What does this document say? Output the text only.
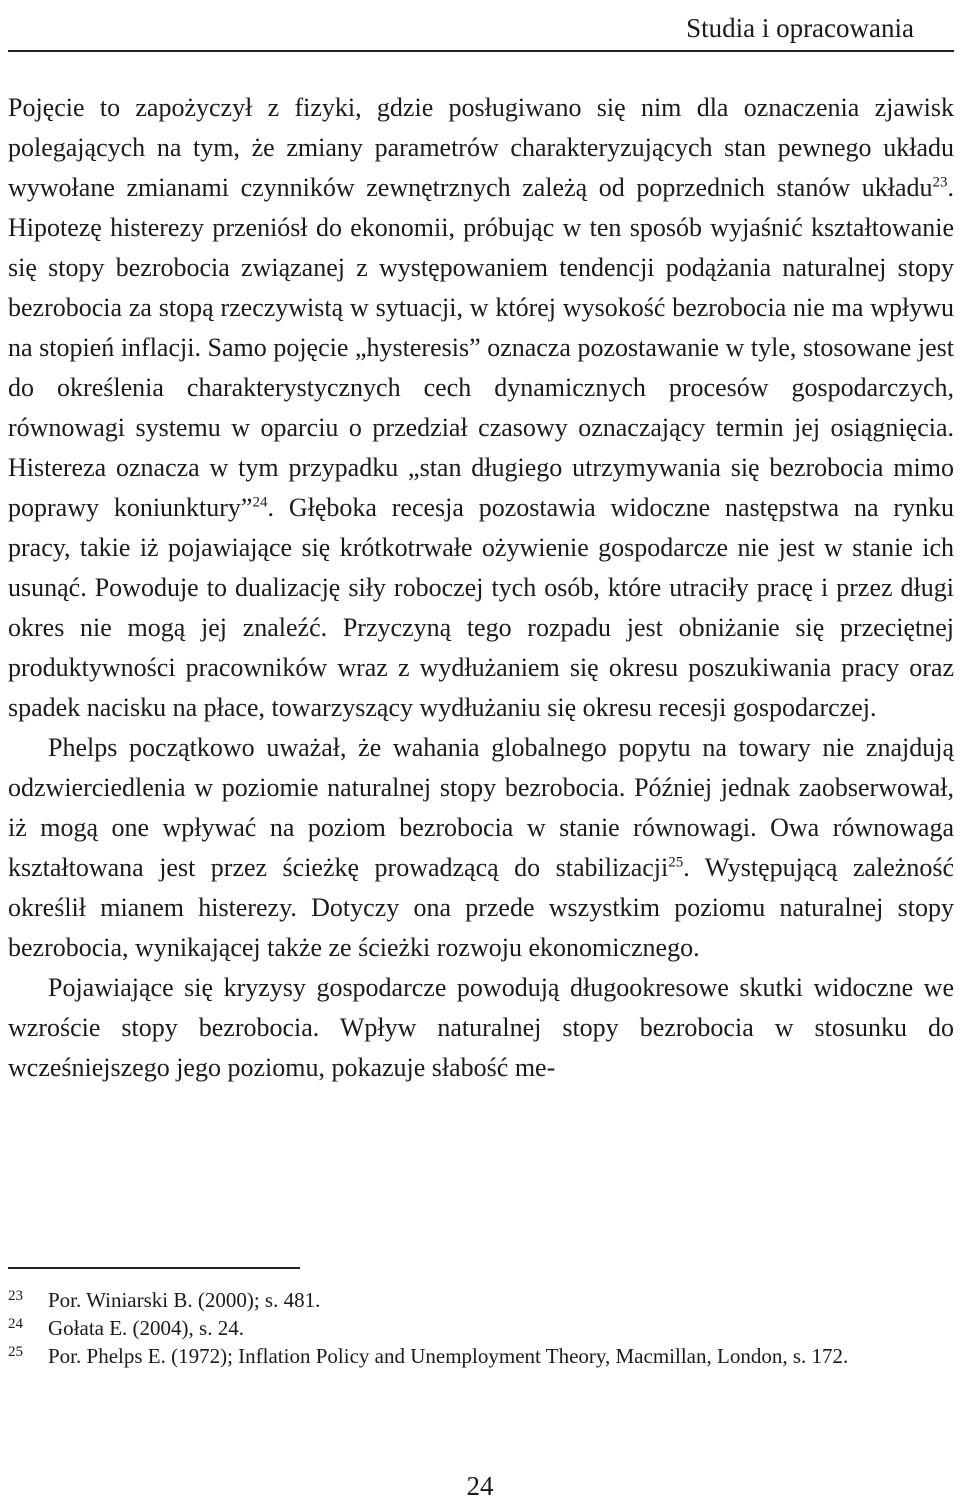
Studia i opracowania

Pojęcie to zapożyczył z fizyki, gdzie posługiwano się nim dla oznaczenia zjawisk polegających na tym, że zmiany parametrów charakteryzujących stan pewnego układu wywołane zmianami czynników zewnętrznych zależą od poprzednich stanów układu$^{23}$. Hipotezę histerezy przeniósł do ekonomii, próbując w ten sposób wyjaśnić kształtowanie się stopy bezrobocia związanej z występowaniem tendencji podążania naturalnej stopy bezrobocia za stopą rzeczywistą w sytuacji, w której wysokość bezrobocia nie ma wpływu na stopień inflacji. Samo pojęcie „hysteresis” oznacza pozostawanie w tyle, stosowane jest do określenia charakterystycznych cech dynamicznych procesów gospodarczych, równowagi systemu w oparciu o przedział czasowy oznaczający termin jej osiągnięcia. Histereza oznacza w tym przypadku „stan długiego utrzymywania się bezrobocia mimo poprawy koniunktury”$^{24}$. Głęboka recesja pozostawia widoczne następstwa na rynku pracy, takie iż pojawiające się krótkotrwałe ożywienie gospodarcze nie jest w stanie ich usunąć. Powoduje to dualizację siły roboczej tych osób, które utraciły pracę i przez długi okres nie mogą jej znaleźć. Przyczyną tego rozpadu jest obniżanie się przeciętnej produktywności pracowników wraz z wydłużaniem się okresu poszukiwania pracy oraz spadek nacisku na płace, towarzyszący wydłużaniu się okresu recesji gospodarczej.

Phelps początkowo uważał, że wahania globalnego popytu na towary nie znajdują odzwierciedlenia w poziomie naturalnej stopy bezrobocia. Później jednak zaobserwował, iż mogą one wpływać na poziom bezrobocia w stanie równowagi. Owa równowaga kształtowana jest przez ścieżkę prowadzącą do stabilizacji$^{25}$. Występującą zależność określił mianem histerezy. Dotyczy ona przede wszystkim poziomu naturalnej stopy bezrobocia, wynikającej także ze ścieżki rozwoju ekonomicznego.

Pojawiające się kryzysy gospodarcze powodują długookresowe skutki widoczne we wzroście stopy bezrobocia. Wpływ naturalnej stopy bezrobocia w stosunku do wcześniejszego jego poziomu, pokazuje słabość me-

23	Por. Winiarski B. (2000); s. 481.
24	Gołata E. (2004), s. 24.
25	Por. Phelps E. (1972); Inflation Policy and Unemployment Theory, Macmillan, London, s. 172.
24
